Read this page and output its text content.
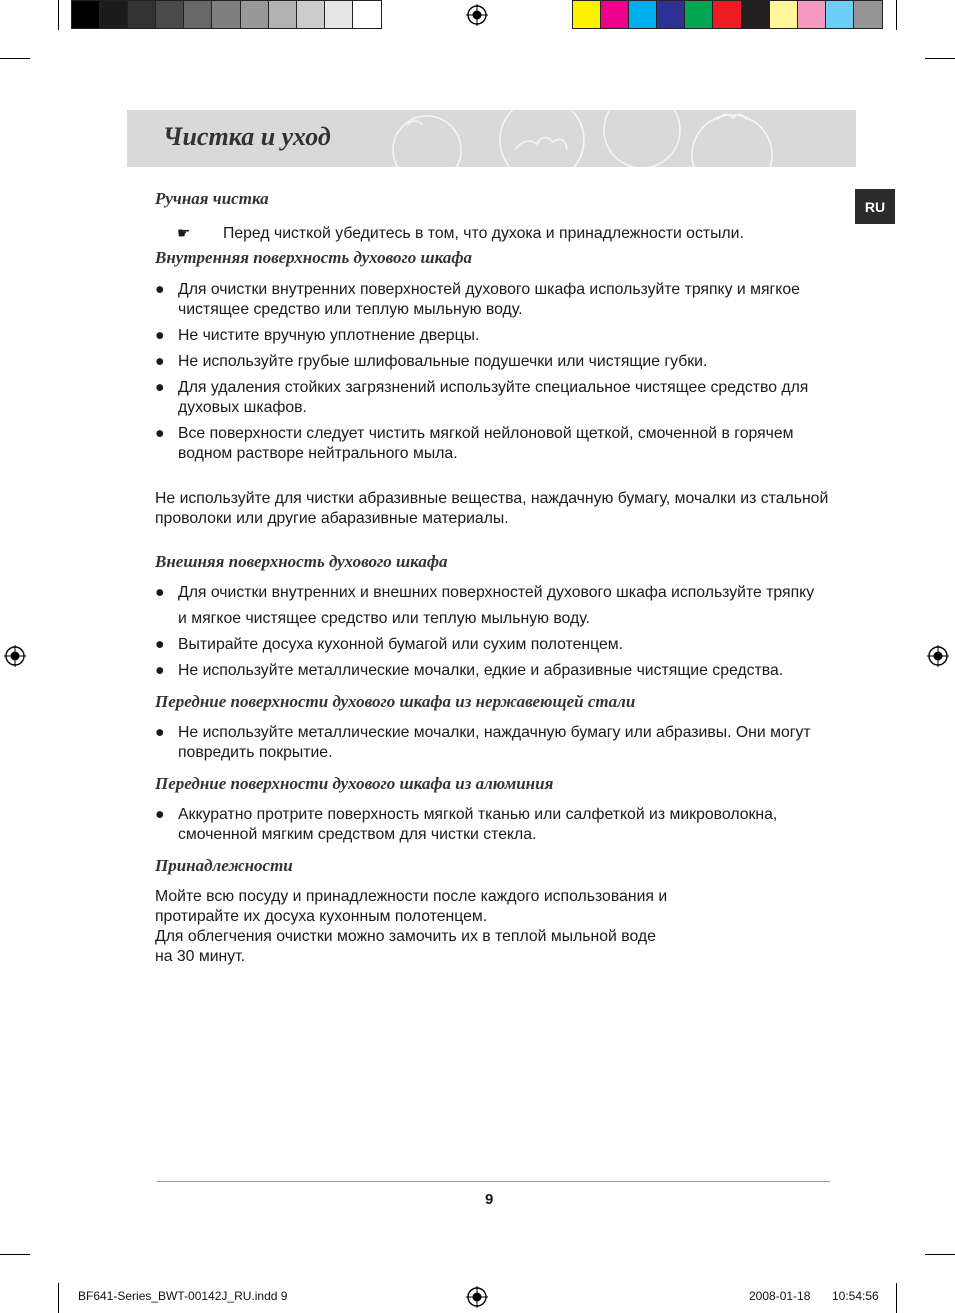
Чистка и уход
RU

Ручная чистка

☛ Перед чисткой убедитесь в том, что духока и принадлежности остыли.

Внутренняя поверхность духового шкафа

● Для очистки внутренних поверхностей духового шкафа используйте тряпку и мягкое чистящее средство или теплую мыльную воду.
● Не чистите вручную уплотнение дверцы.
● Не используйте грубые шлифовальные подушечки или чистящие губки.
● Для удаления стойких загрязнений используйте специальное чистящее средство для духовых шкафов.
● Все поверхности следует чистить мягкой нейлоновой щеткой, смоченной в горячем водном растворе нейтрального мыла.

Не используйте для чистки абразивные вещества, наждачную бумагу, мочалки из стальной проволоки или другие абаразивные материалы.

Внешняя поверхность духового шкафа

● Для очистки внутренних и внешних поверхностей духового шкафа используйте тряпку
и мягкое чистящее средство или теплую мыльную воду.
● Вытирайте досуха кухонной бумагой или сухим полотенцем.
● Не используйте металлические мочалки, едкие и абразивные чистящие средства.

Передние поверхности духового шкафа из нержавеющей стали

● Не используйте металлические мочалки, наждачную бумагу или абразивы. Они могут повредить покрытие.

Передние поверхности духового шкафа из алюминия

● Аккуратно протрите поверхность мягкой тканью или салфеткой из микроволокна, смоченной мягким средством для чистки стекла.

Принадлежности

Мойте всю посуду и принадлежности после каждого использования и
протирайте их досуха кухонным полотенцем.
Для облегчения очистки можно замочить их в теплой мыльной воде
на 30 минут.
9
BF641-Series_BWT-00142J_RU.indd 9	2008-01-18 10:54:56
